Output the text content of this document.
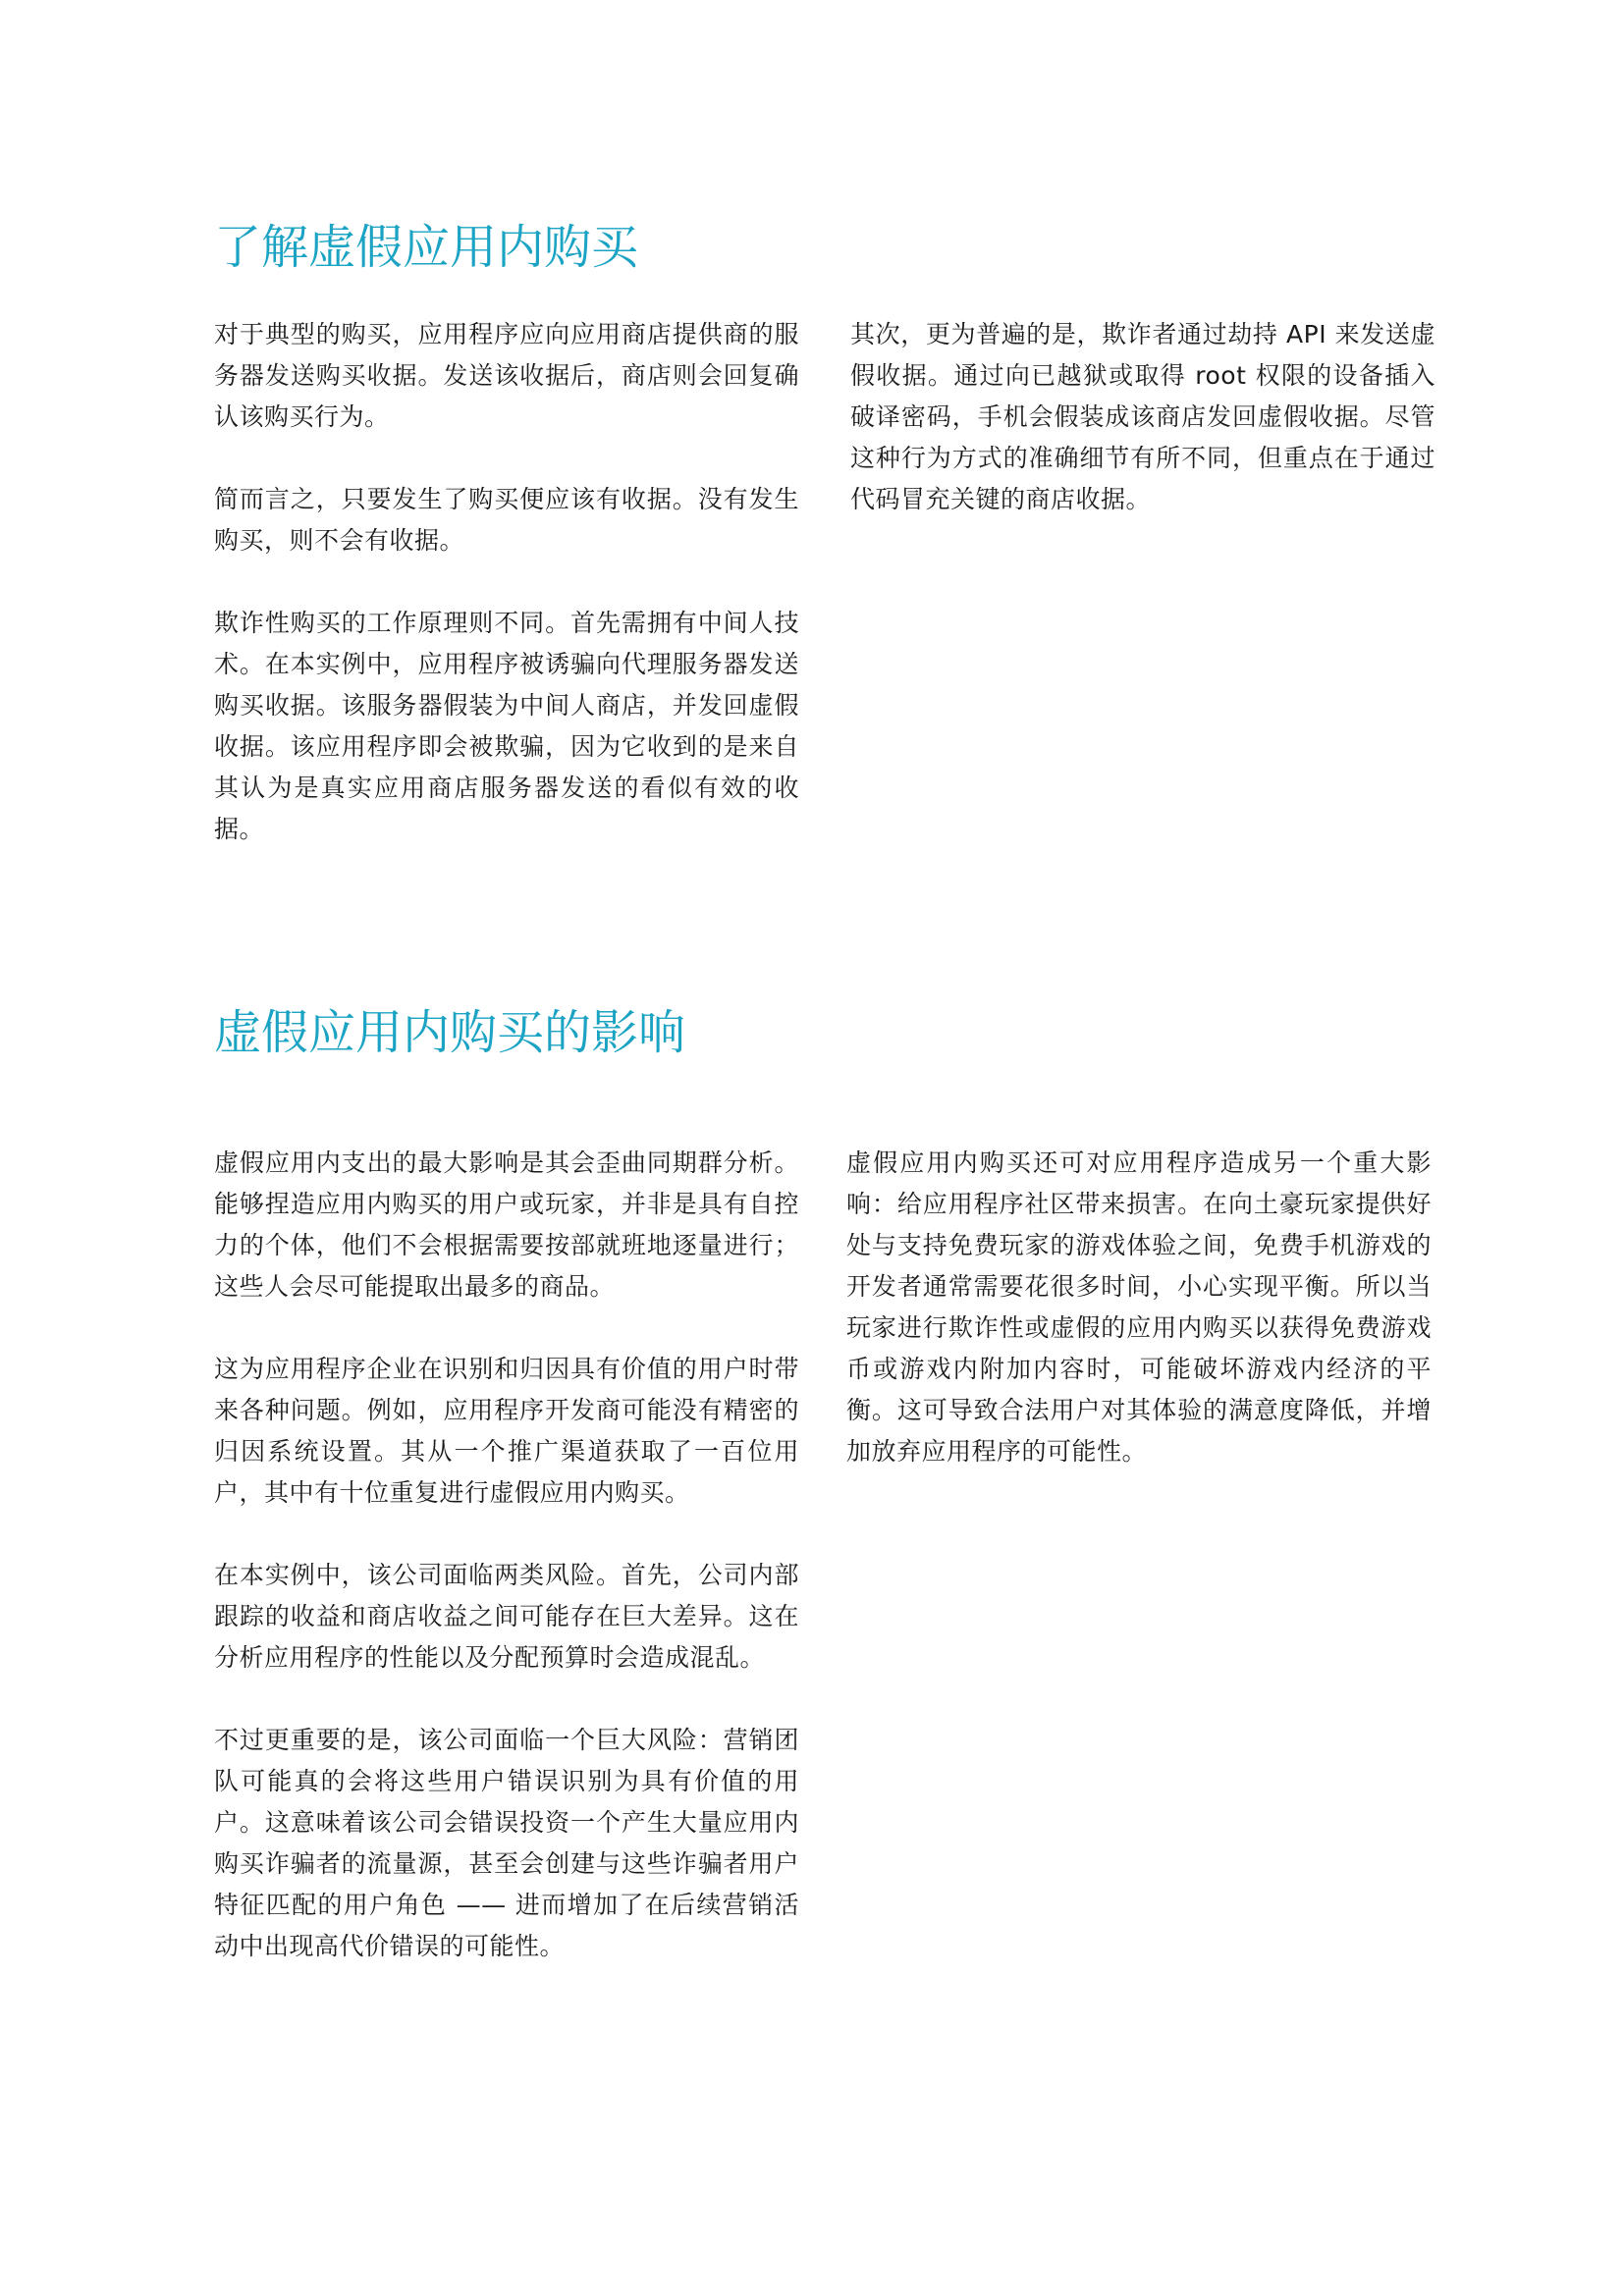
了解虚假应用内购买

对于典型的购买，应用程序应向应用商店提供商的服务器发送购买收据。发送该收据后，商店则会回复确认该购买行为。

简而言之，只要发生了购买便应该有收据。没有发生购买，则不会有收据。

欺诈性购买的工作原理则不同。首先需拥有中间人技术。在本实例中，应用程序被诱骗向代理服务器发送购买收据。该服务器假装为中间人商店，并发回虚假收据。该应用程序即会被欺骗，因为它收到的是来自其认为是真实应用商店服务器发送的看似有效的收据。

其次，更为普遍的是，欺诈者通过劫持 API 来发送虚假收据。通过向已越狱或取得 root 权限的设备插入破译密码，手机会假装成该商店发回虚假收据。尽管这种行为方式的准确细节有所不同，但重点在于通过代码冒充关键的商店收据。

虚假应用内购买的影响

虚假应用内支出的最大影响是其会歪曲同期群分析。能够捏造应用内购买的用户或玩家，并非是具有自控力的个体，他们不会根据需要按部就班地逐量进行；这些人会尽可能提取出最多的商品。

这为应用程序企业在识别和归因具有价值的用户时带来各种问题。例如，应用程序开发商可能没有精密的归因系统设置。其从一个推广渠道获取了一百位用户，其中有十位重复进行虚假应用内购买。

在本实例中，该公司面临两类风险。首先，公司内部跟踪的收益和商店收益之间可能存在巨大差异。这在分析应用程序的性能以及分配预算时会造成混乱。

不过更重要的是，该公司面临一个巨大风险：营销团队可能真的会将这些用户错误识别为具有价值的用户。这意味着该公司会错误投资一个产生大量应用内购买诈骗者的流量源，甚至会创建与这些诈骗者用户特征匹配的用户角色 —— 进而增加了在后续营销活动中出现高代价错误的可能性。

虚假应用内购买还可对应用程序造成另一个重大影响：给应用程序社区带来损害。在向土豪玩家提供好处与支持免费玩家的游戏体验之间，免费手机游戏的开发者通常需要花很多时间，小心实现平衡。所以当玩家进行欺诈性或虚假的应用内购买以获得免费游戏币或游戏内附加内容时，可能破坏游戏内经济的平衡。这可导致合法用户对其体验的满意度降低，并增加放弃应用程序的可能性。
